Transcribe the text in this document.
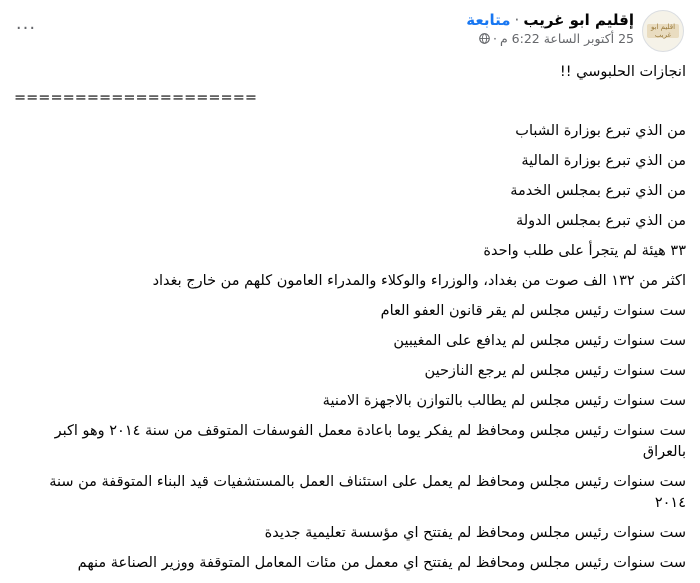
اقليم ابو غريب
إقليم ابو غريب·متابعة
25 أكتوبر الساعة 6:22 م·
···

انجازات الحلبوسي !!

====================

من الذي تبرع بوزارة الشباب

من الذي تبرع بوزارة المالية

من الذي تبرع بمجلس الخدمة

من الذي تبرع بمجلس الدولة

٣٣ هيئة لم يتجرأ على طلب واحدة

اكثر من ١٣٢ الف صوت من بغداد، والوزراء والوكلاء والمدراء العامون كلهم من خارج بغداد

ست سنوات رئيس مجلس لم يقر قانون العفو العام

ست سنوات رئيس مجلس لم يدافع على المغيبين

ست سنوات رئيس مجلس لم يرجع النازحين

ست سنوات رئيس مجلس لم يطالب بالتوازن بالاجهزة الامنية

ست سنوات رئيس مجلس ومحافظ لم يفكر يوما باعادة معمل الفوسفات المتوقف من سنة ٢٠١٤ وهو اكبر بالعراق

ست سنوات رئيس مجلس ومحافظ لم يعمل على استئناف العمل بالمستشفيات قيد البناء المتوقفة من سنة ٢٠١٤

ست سنوات رئيس مجلس ومحافظ لم يفتتح اي مؤسسة تعليمية جديدة

ست سنوات رئيس مجلس ومحافظ لم يفتتح اي معمل من مئات المعامل المتوقفة ووزير الصناعة منهم
